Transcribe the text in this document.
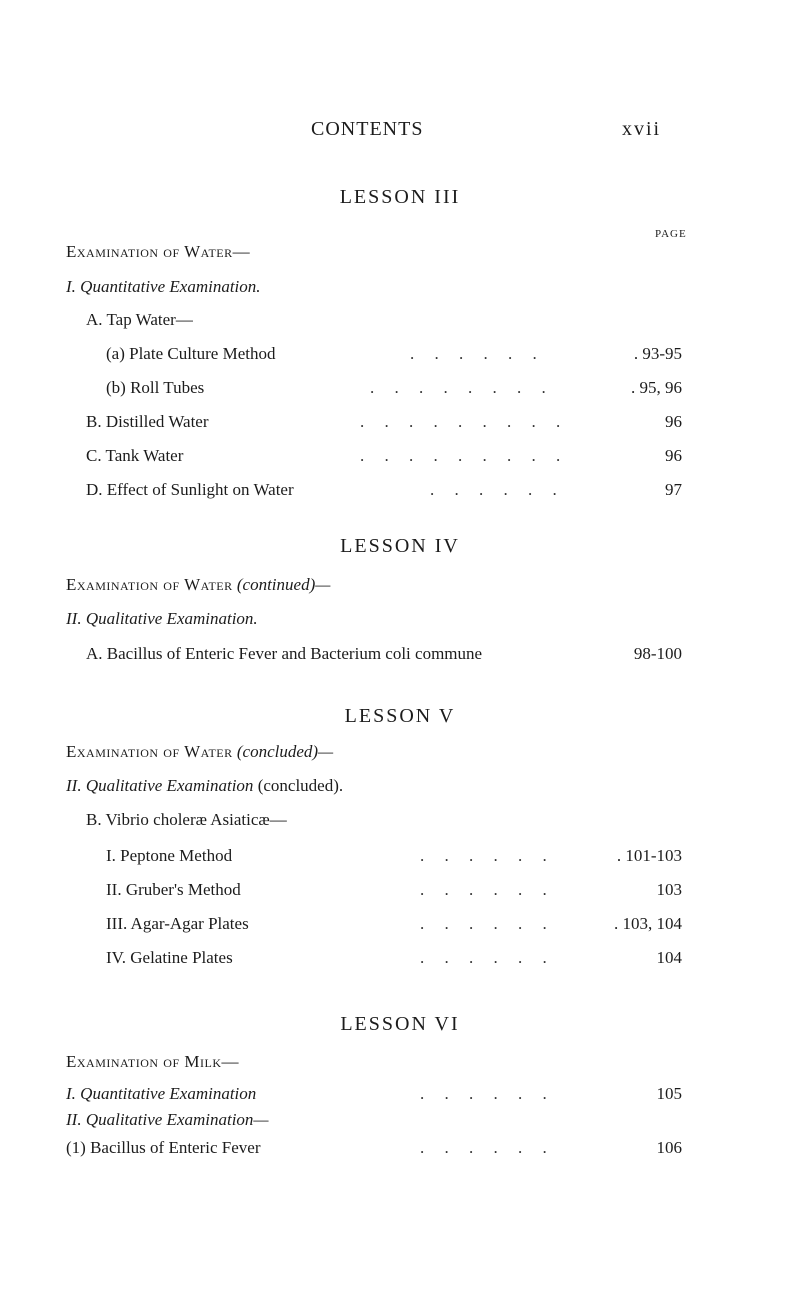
CONTENTS	xvii
LESSON III
PAGE
Examination of Water—
I. Quantitative Examination.
A. Tap Water—
(a) Plate Culture Method	. . . . . .	. 93-95
(b) Roll Tubes	. . . . . . . .	. 95, 96
B. Distilled Water	. . . . . . . . .	96
C. Tank Water	. . . . . . . . .	96
D. Effect of Sunlight on Water	. . . . . .	97
LESSON IV
Examination of Water (continued)—
II. Qualitative Examination.
A. Bacillus of Enteric Fever and Bacterium coli commune	98-100
LESSON V
Examination of Water (concluded)—
II. Qualitative Examination (concluded).
B. Vibrio choleræ Asiaticæ—
I. Peptone Method	. . . . . .	. 101-103
II. Gruber's Method	. . . . . .	103
III. Agar-Agar Plates	. . . . . .	. 103, 104
IV. Gelatine Plates	. . . . . .	104
LESSON VI
Examination of Milk—
I. Quantitative Examination	. . . . . .	105
II. Qualitative Examination—
(1) Bacillus of Enteric Fever	. . . . . .	106
